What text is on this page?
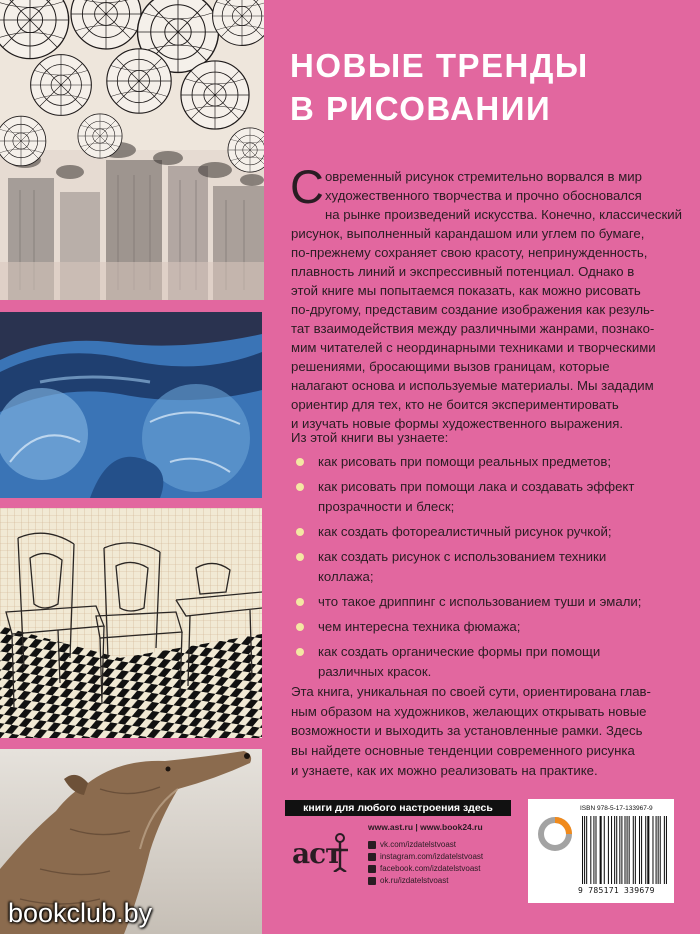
НОВЫЕ ТРЕНДЫ
В РИСОВАНИИ
С овременный рисунок стремительно ворвался в мир
художественного творчества и прочно обосновался
на рынке произведений искусства. Конечно, классический
рисунок, выполненный карандашом или углем по бумаге,
по-прежнему сохраняет свою красоту, непринужденность,
плавность линий и экспрессивный потенциал. Однако в
этой книге мы попытаемся показать, как можно рисовать
по-другому, представим создание изображения как резуль-
тат взаимодействия между различными жанрами, познако-
мим читателей с неординарными техниками и творческими
решениями, бросающими вызов границам, которые
налагают основа и используемые материалы. Мы зададим
ориентир для тех, кто не боится экспериментировать
и изучать новые формы художественного выражения.
Из этой книги вы узнаете:
как рисовать при помощи реальных предметов;
как рисовать при помощи лака и создавать эффект
прозрачности и блеск;
как создать фотореалистичный рисунок ручкой;
как создать рисунок с использованием техники
коллажа;
что такое дриппинг с использованием туши и эмали;
чем интересна техника фюмажа;
как создать органические формы при помощи
различных красок.
Эта книга, уникальная по своей сути, ориентирована глав-
ным образом на художников, желающих открывать новые
возможности и выходить за установленные рамки. Здесь
вы найдете основные тенденции современного рисунка
и узнаете, как их можно реализовать на практике.
книги для любого настроения здесь
www.ast.ru | www.book24.ru
аст	vk.com/izdatelstvoast
instagram.com/izdatelstvoast
facebook.com/izdatelstvoast
ok.ru/izdatelstvoast
ISBN 978-5-17-133967-9
9 785171 339679
bookclub.by
